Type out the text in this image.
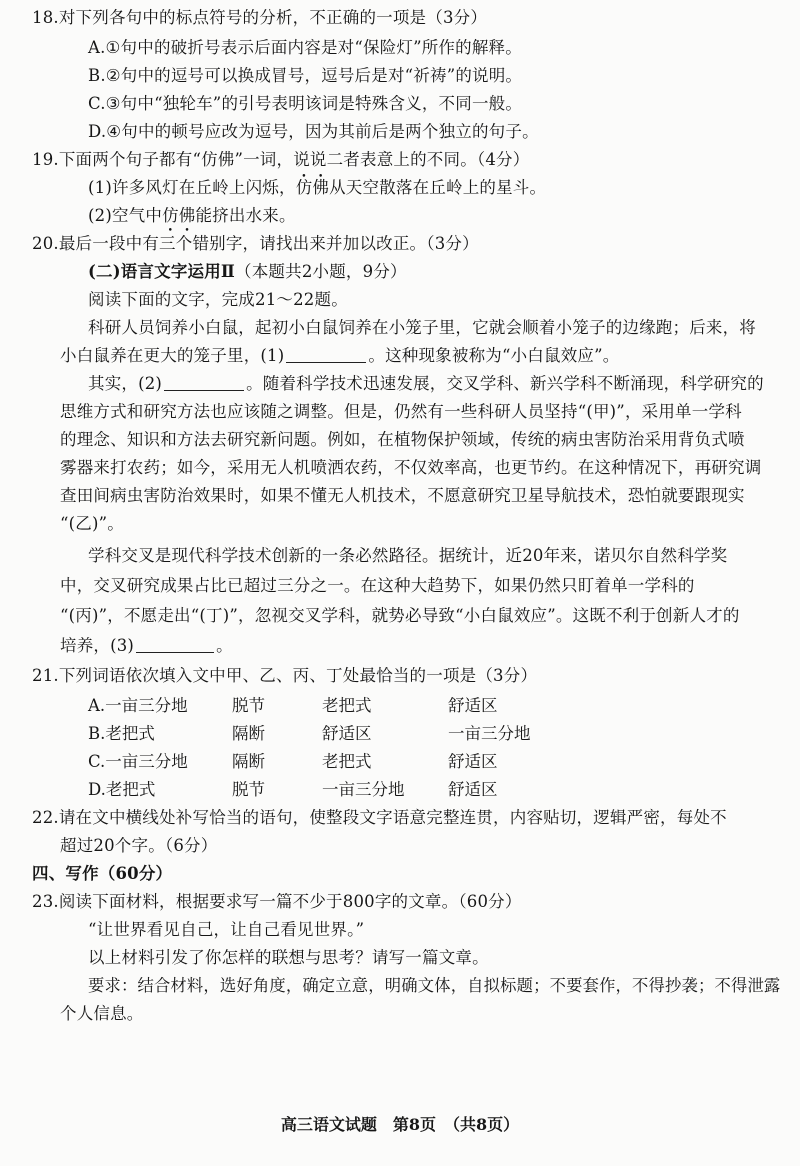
18.对下列各句中的标点符号的分析，不正确的一项是（3分）
A.①句中的破折号表示后面内容是对“保险灯”所作的解释。
B.②句中的逗号可以换成冒号，逗号后是对“祈祷”的说明。
C.③句中“独轮车”的引号表明该词是特殊含义，不同一般。
D.④句中的顿号应改为逗号，因为其前后是两个独立的句子。
19.下面两个句子都有“仿佛”一词，说说二者表意上的不同。（4分）
(1)许多风灯在丘岭上闪烁，仿佛从天空散落在丘岭上的星斗。
(2)空气中仿佛能挤出水来。
20.最后一段中有三个错别字，请找出来并加以改正。（3分）
(二)语言文字运用Ⅱ（本题共2小题，9分）
阅读下面的文字，完成21～22题。
科研人员饲养小白鼠，起初小白鼠饲养在小笼子里，它就会顺着小笼子的边缘跑；后来，将
小白鼠养在更大的笼子里，(1)	。这种现象被称为“小白鼠效应”。
其实，(2)	。随着科学技术迅速发展，交叉学科、新兴学科不断涌现，科学研究的
思维方式和研究方法也应该随之调整。但是，仍然有一些科研人员坚持“(甲)”，采用单一学科
的理念、知识和方法去研究新问题。例如，在植物保护领域，传统的病虫害防治采用背负式喷
雾器来打农药；如今，采用无人机喷洒农药，不仅效率高，也更节约。在这种情况下，再研究调
查田间病虫害防治效果时，如果不懂无人机技术，不愿意研究卫星导航技术，恐怕就要跟现实
“(乙)”。
学科交叉是现代科学技术创新的一条必然路径。据统计，近20年来，诺贝尔自然科学奖
中，交叉研究成果占比已超过三分之一。在这种大趋势下，如果仍然只盯着单一学科的
“(丙)”，不愿走出“(丁)”，忽视交叉学科，就势必导致“小白鼠效应”。这既不利于创新人才的
培养，(3)	。
21.下列词语依次填入文中甲、乙、丙、丁处最恰当的一项是（3分）
A.一亩三分地	脱节	老把式	舒适区
B.老把式	隔断	舒适区	一亩三分地
C.一亩三分地	隔断	老把式	舒适区
D.老把式	脱节	一亩三分地	舒适区
22.请在文中横线处补写恰当的语句，使整段文字语意完整连贯，内容贴切，逻辑严密，每处不
超过20个字。（6分）
四、写作（60分）
23.阅读下面材料，根据要求写一篇不少于800字的文章。（60分）
“让世界看见自己，让自己看见世界。”
以上材料引发了你怎样的联想与思考？请写一篇文章。
要求：结合材料，选好角度，确定立意，明确文体，自拟标题；不要套作，不得抄袭；不得泄露
个人信息。
高三语文试题　第8页　（共8页）
